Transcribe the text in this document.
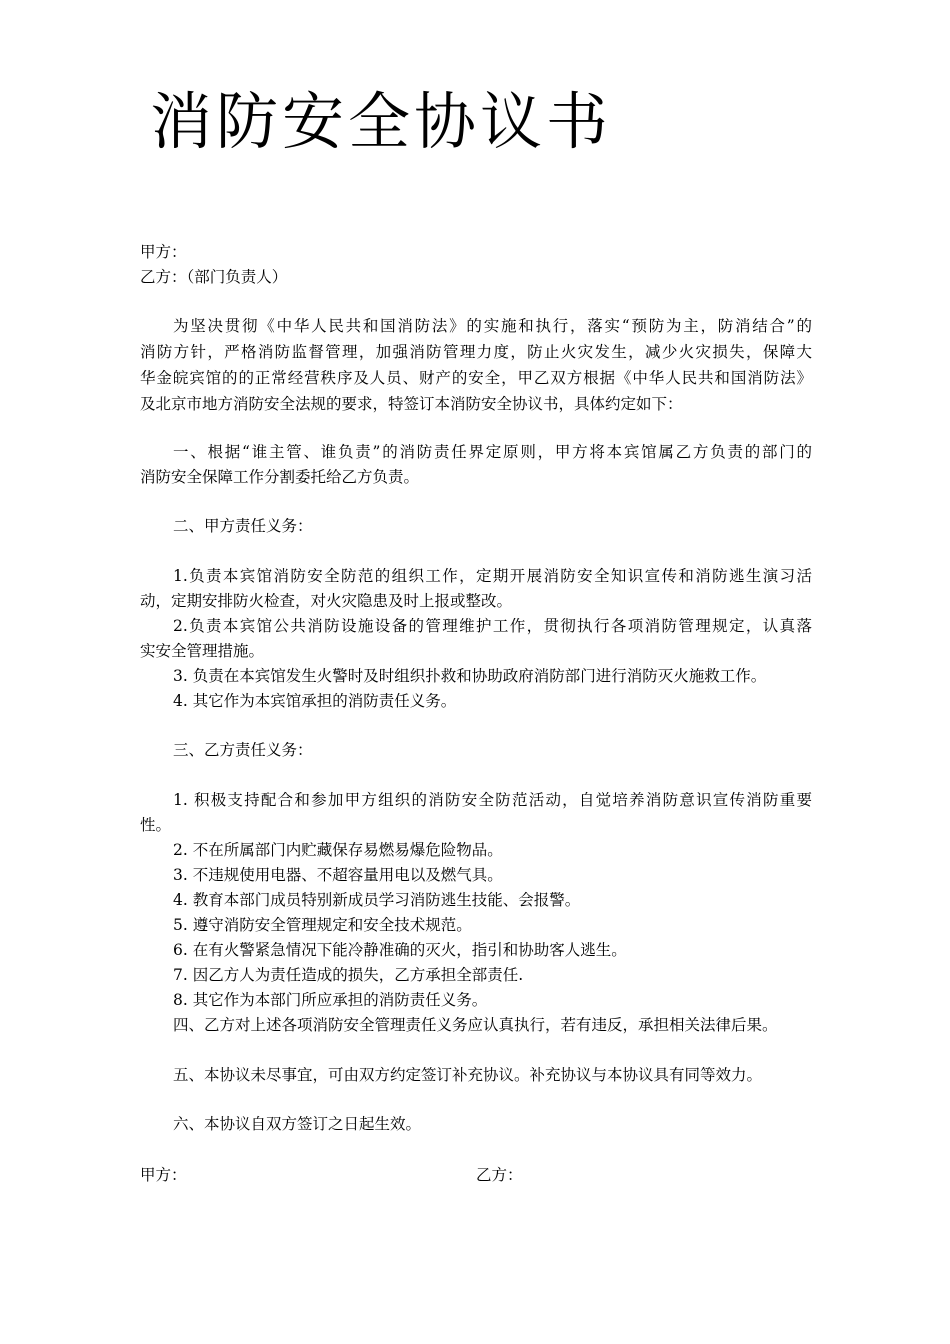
消防安全协议书
甲方：
乙方：（部门负责人）
为坚决贯彻《中华人民共和国消防法》的实施和执行，落实“预防为主，防消结合”的
消防方针，严格消防监督管理，加强消防管理力度，防止火灾发生，减少火灾损失，保障大
华金皖宾馆的的正常经营秩序及人员、财产的安全，甲乙双方根据《中华人民共和国消防法》
及北京市地方消防安全法规的要求，特签订本消防安全协议书，具体约定如下：
一、根据“谁主管、谁负责”的消防责任界定原则，甲方将本宾馆属乙方负责的部门的
消防安全保障工作分割委托给乙方负责。
二、甲方责任义务：
1.负责本宾馆消防安全防范的组织工作，定期开展消防安全知识宣传和消防逃生演习活
动，定期安排防火检查，对火灾隐患及时上报或整改。
2.负责本宾馆公共消防设施设备的管理维护工作，贯彻执行各项消防管理规定，认真落
实安全管理措施。
3. 负责在本宾馆发生火警时及时组织扑救和协助政府消防部门进行消防灭火施救工作。
4. 其它作为本宾馆承担的消防责任义务。
三、乙方责任义务：
1. 积极支持配合和参加甲方组织的消防安全防范活动，自觉培养消防意识宣传消防重要
性。
2. 不在所属部门内贮藏保存易燃易爆危险物品。
3. 不违规使用电器、不超容量用电以及燃气具。
4. 教育本部门成员特别新成员学习消防逃生技能、会报警。
5. 遵守消防安全管理规定和安全技术规范。
6. 在有火警紧急情况下能冷静准确的灭火，指引和协助客人逃生。
7. 因乙方人为责任造成的损失，乙方承担全部责任.
8. 其它作为本部门所应承担的消防责任义务。
四、乙方对上述各项消防安全管理责任义务应认真执行，若有违反，承担相关法律后果。
五、本协议未尽事宜，可由双方约定签订补充协议。补充协议与本协议具有同等效力。
六、本协议自双方签订之日起生效。
甲方：	乙方：
